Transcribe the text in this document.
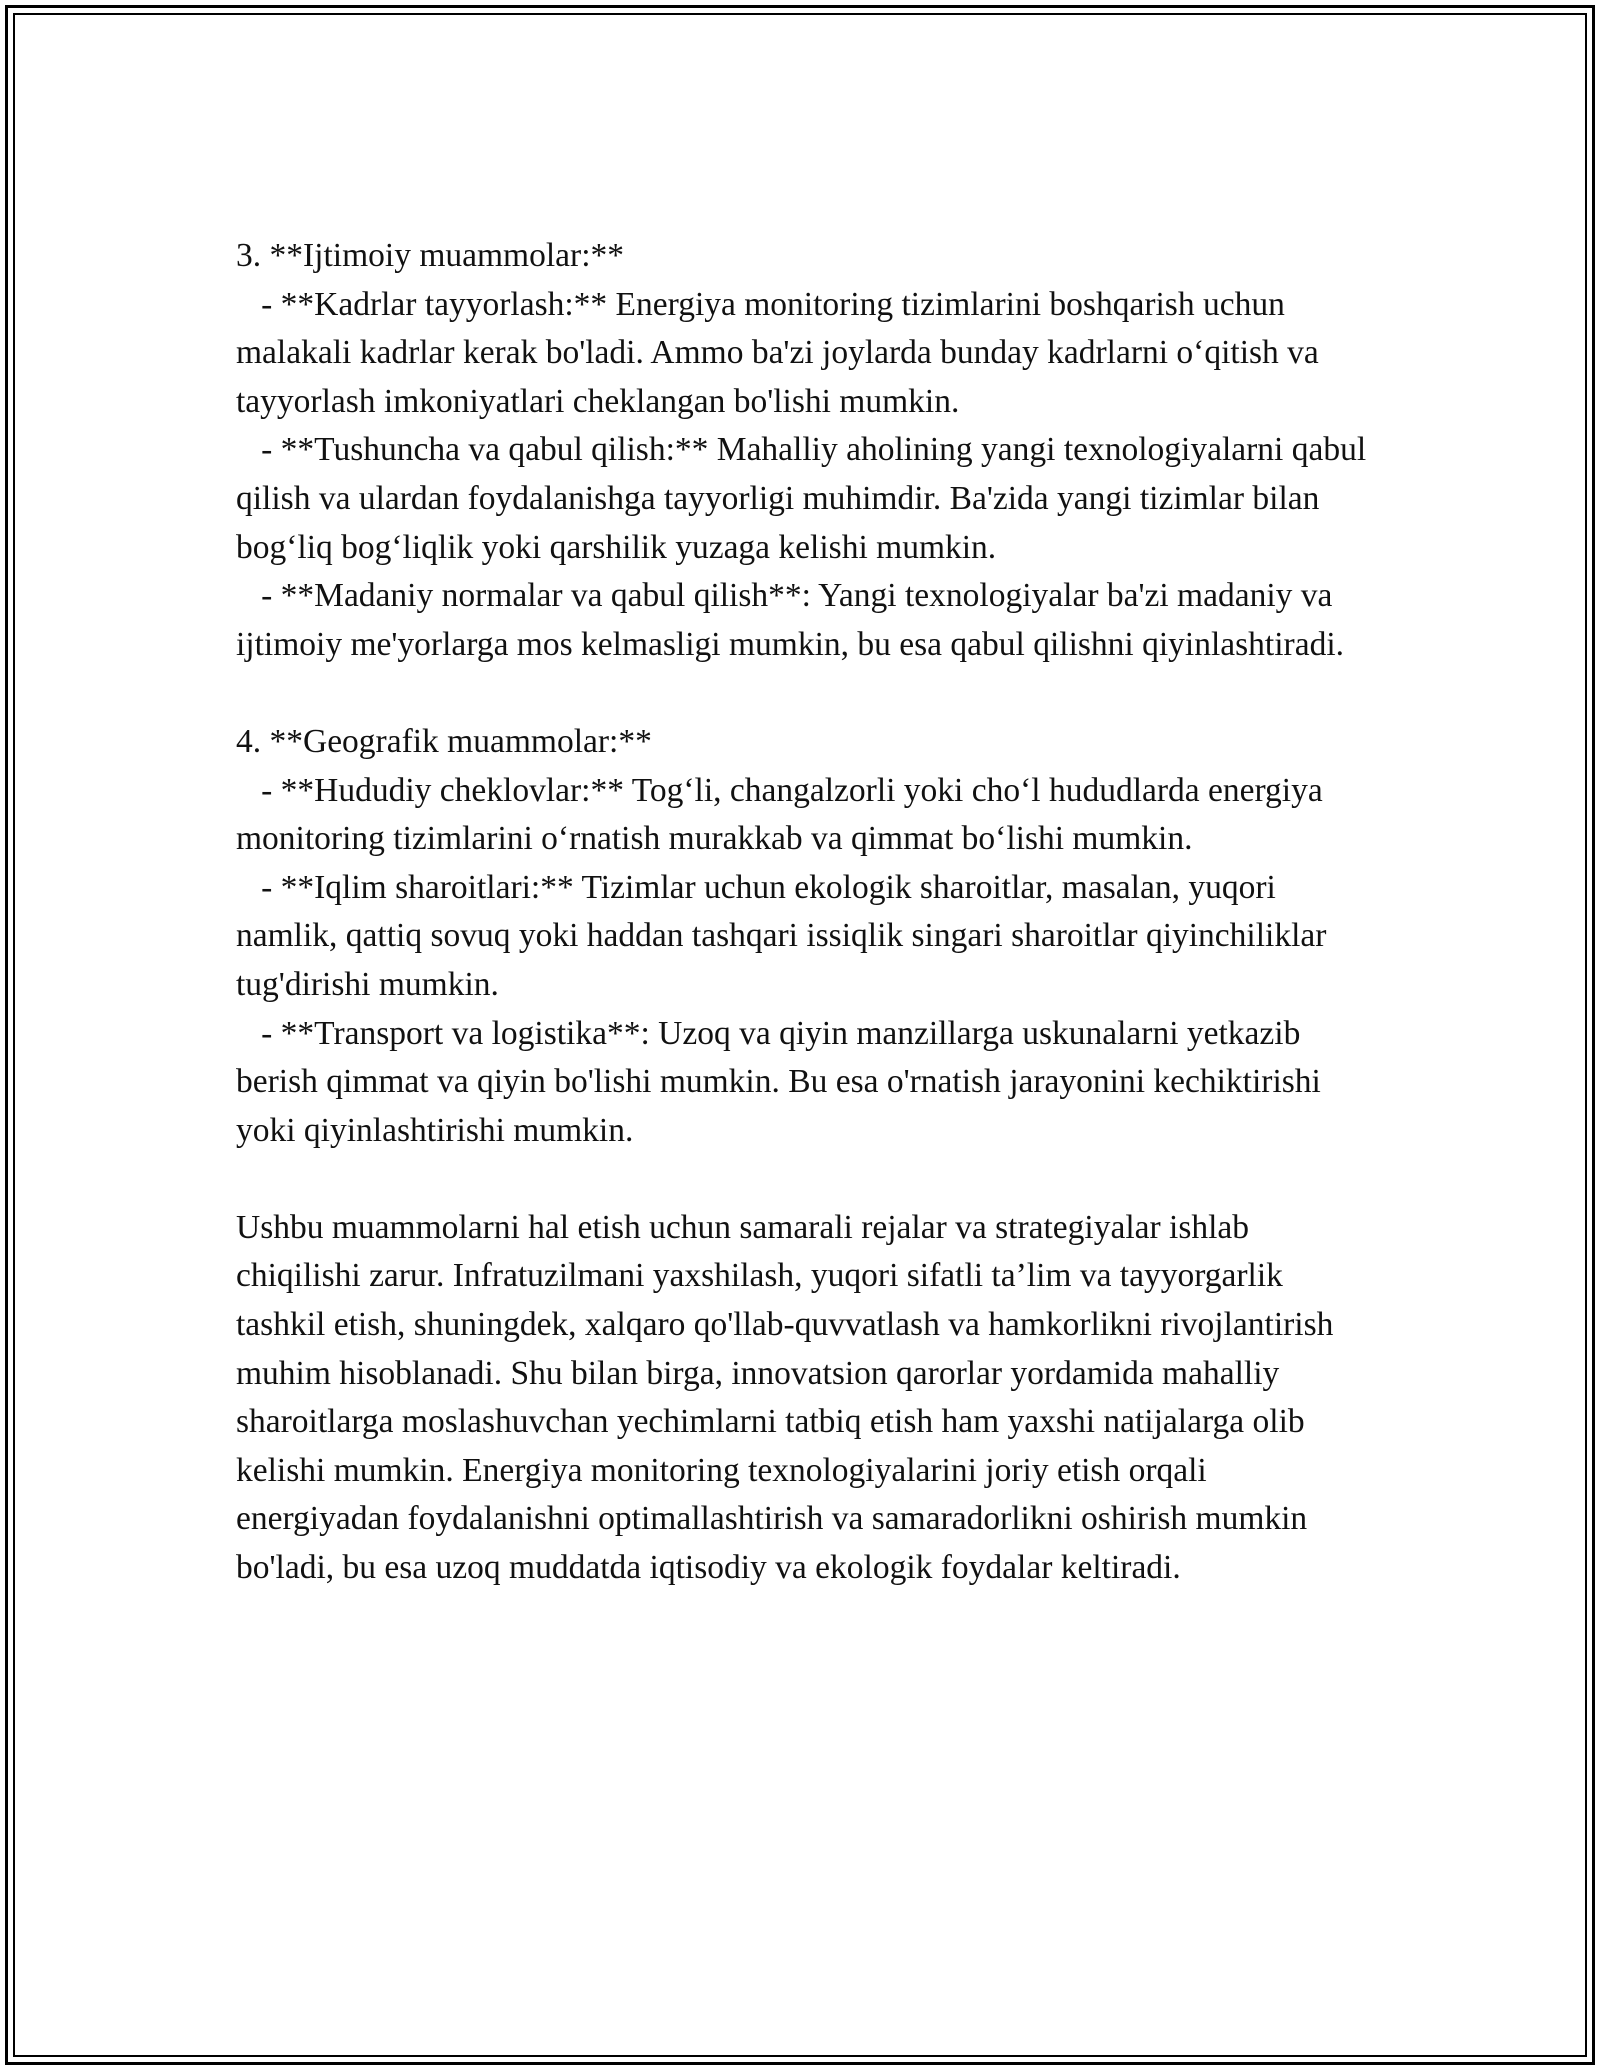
3. **Ijtimoiy muammolar:**

- **Kadrlar tayyorlash:** Energiya monitoring tizimlarini boshqarish uchun malakali kadrlar kerak bo'ladi. Ammo ba'zi joylarda bunday kadrlarni o‘qitish va tayyorlash imkoniyatlari cheklangan bo'lishi mumkin.

- **Tushuncha va qabul qilish:** Mahalliy aholining yangi texnologiyalarni qabul qilish va ulardan foydalanishga tayyorligi muhimdir. Ba'zida yangi tizimlar bilan bog‘liq bog‘liqlik yoki qarshilik yuzaga kelishi mumkin.

- **Madaniy normalar va qabul qilish**: Yangi texnologiyalar ba'zi madaniy va ijtimoiy me'yorlarga mos kelmasligi mumkin, bu esa qabul qilishni qiyinlashtiradi.

4. **Geografik muammolar:**

- **Hududiy cheklovlar:** Tog‘li, changalzorli yoki cho‘l hududlarda energiya monitoring tizimlarini o‘rnatish murakkab va qimmat bo‘lishi mumkin.

- **Iqlim sharoitlari:** Tizimlar uchun ekologik sharoitlar, masalan, yuqori namlik, qattiq sovuq yoki haddan tashqari issiqlik singari sharoitlar qiyinchiliklar tug'dirishi mumkin.

- **Transport va logistika**: Uzoq va qiyin manzillarga uskunalarni yetkazib berish qimmat va qiyin bo'lishi mumkin. Bu esa o'rnatish jarayonini kechiktirishi yoki qiyinlashtirishi mumkin.

Ushbu muammolarni hal etish uchun samarali rejalar va strategiyalar ishlab chiqilishi zarur. Infratuzilmani yaxshilash, yuqori sifatli ta’lim va tayyorgarlik tashkil etish, shuningdek, xalqaro qo'llab-quvvatlash va hamkorlikni rivojlantirish muhim hisoblanadi. Shu bilan birga, innovatsion qarorlar yordamida mahalliy sharoitlarga moslashuvchan yechimlarni tatbiq etish ham yaxshi natijalarga olib kelishi mumkin. Energiya monitoring texnologiyalarini joriy etish orqali energiyadan foydalanishni optimallashtirish va samaradorlikni oshirish mumkin bo'ladi, bu esa uzoq muddatda iqtisodiy va ekologik foydalar keltiradi.
